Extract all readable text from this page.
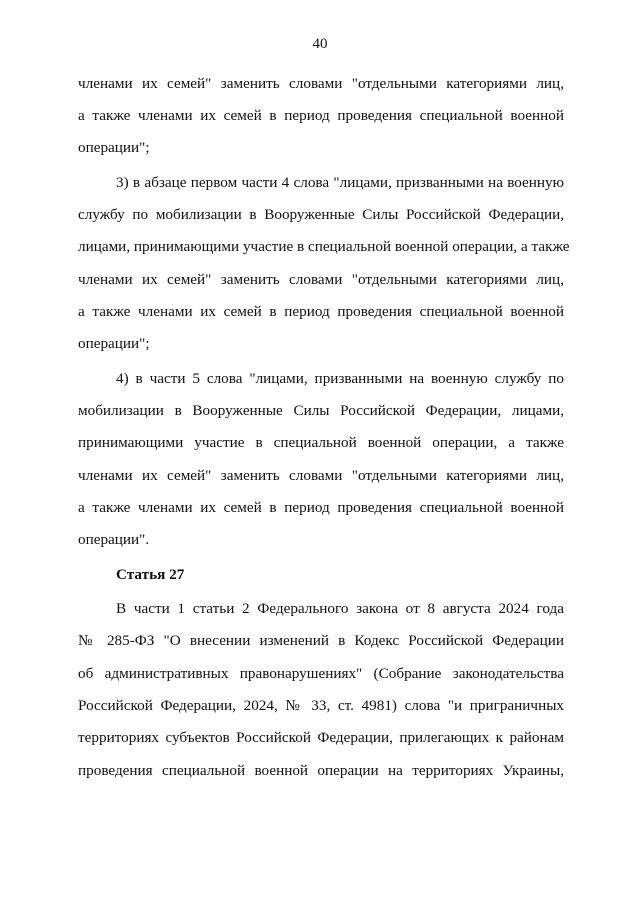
40
членами их семей" заменить словами "отдельными категориями лиц,
а также членами их семей в период проведения специальной военной
операции";
3) в абзаце первом части 4 слова "лицами, призванными на военную
службу по мобилизации в Вооруженные Силы Российской Федерации,
лицами, принимающими участие в специальной военной операции, а также
членами их семей" заменить словами "отдельными категориями лиц,
а также членами их семей в период проведения специальной военной
операции";
4) в части 5 слова "лицами, призванными на военную службу по
мобилизации в Вооруженные Силы Российской Федерации, лицами,
принимающими участие в специальной военной операции, а также
членами их семей" заменить словами "отдельными категориями лиц,
а также членами их семей в период проведения специальной военной
операции".
Статья 27
В части 1 статьи 2 Федерального закона от 8 августа 2024 года
№ 285-ФЗ "О внесении изменений в Кодекс Российской Федерации
об административных правонарушениях" (Собрание законодательства
Российской Федерации, 2024, № 33, ст. 4981) слова "и приграничных
территориях субъектов Российской Федерации, прилегающих к районам
проведения специальной военной операции на территориях Украины,
